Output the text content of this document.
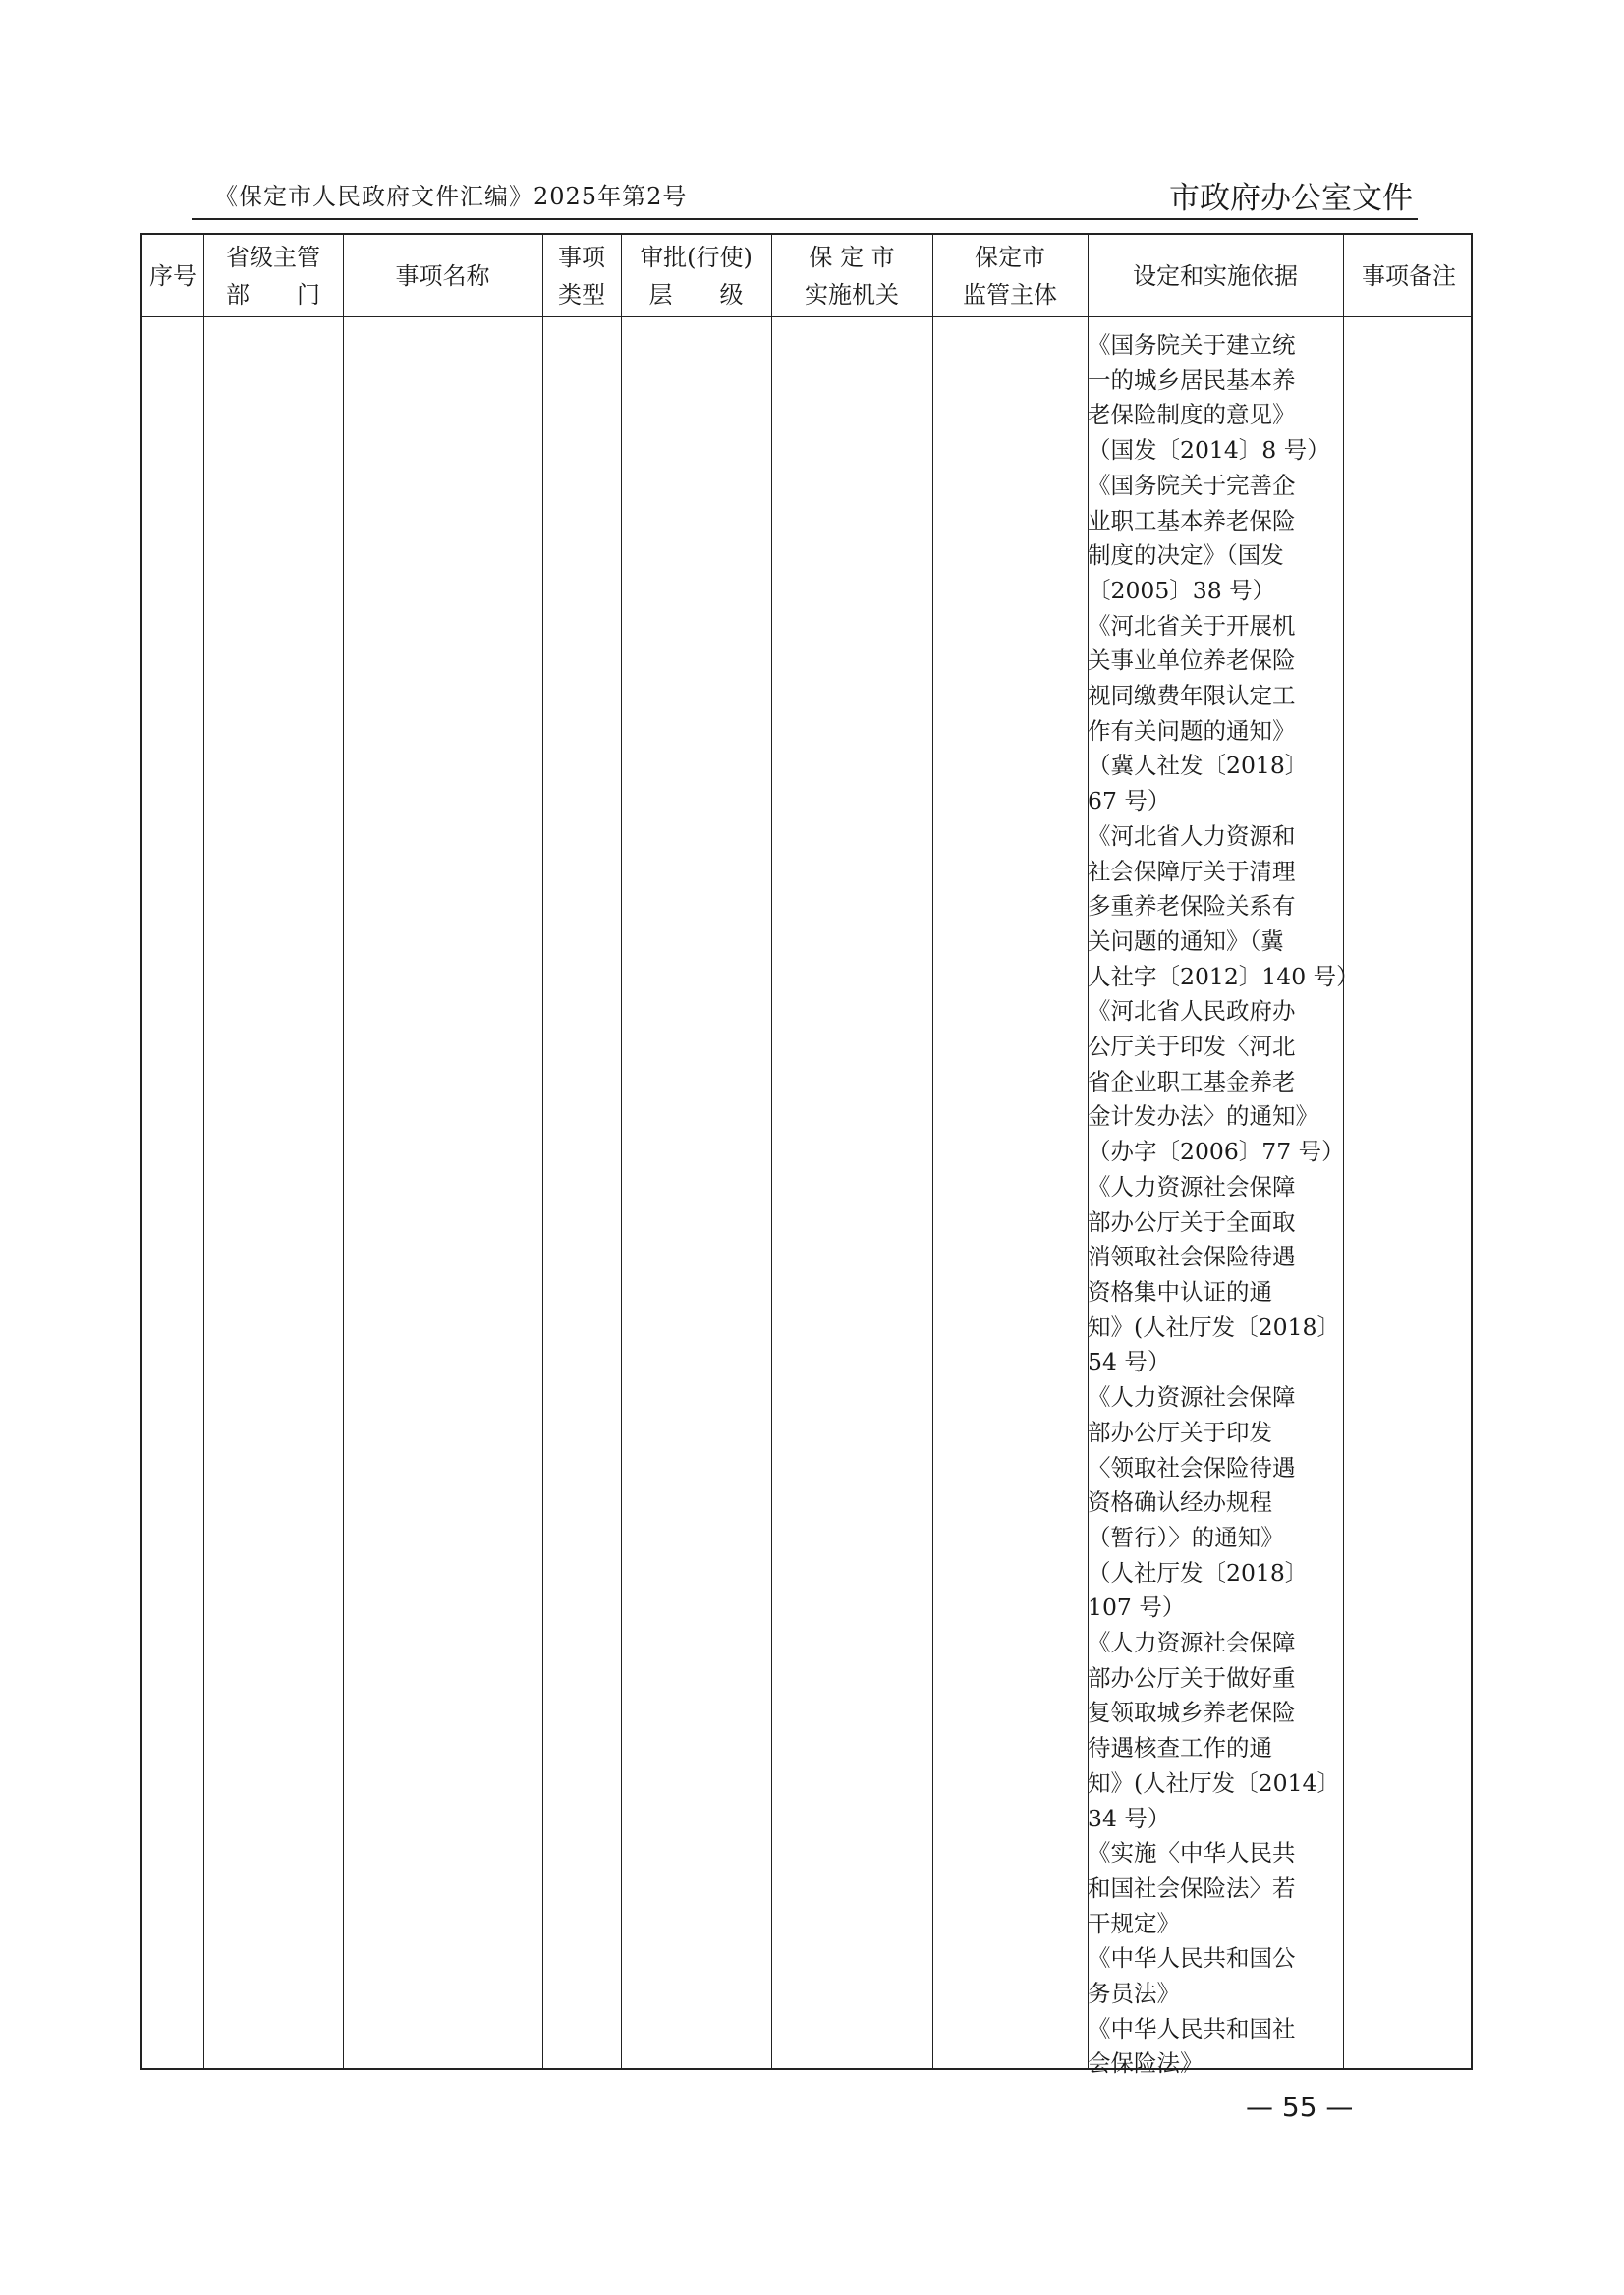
《保定市人民政府文件汇编》2025年第2号	市政府办公室文件
序号
省级主管
部　　门
事项名称
事项
类型
审批(行使)
层　　级
保 定 市
实施机关
保定市
监管主体
设定和实施依据	事项备注
《国务院关于建立统
一的城乡居民基本养
老保险制度的意见》
（国发〔2014〕8 号）
《国务院关于完善企
业职工基本养老保险
制度的决定》（国发
〔2005〕38 号）
《河北省关于开展机
关事业单位养老保险
视同缴费年限认定工
作有关问题的通知》
（冀人社发〔2018〕
67 号）
《河北省人力资源和
社会保障厅关于清理
多重养老保险关系有
关问题的通知》（冀
人社字〔2012〕140 号）
《河北省人民政府办
公厅关于印发〈河北
省企业职工基金养老
金计发办法〉的通知》
（办字〔2006〕77 号）
《人力资源社会保障
部办公厅关于全面取
消领取社会保险待遇
资格集中认证的通
知》(人社厅发〔2018〕
54 号）
《人力资源社会保障
部办公厅关于印发
〈领取社会保险待遇
资格确认经办规程
（暂行）〉的通知》
（人社厅发〔2018〕
107 号）
《人力资源社会保障
部办公厅关于做好重
复领取城乡养老保险
待遇核查工作的通
知》(人社厅发〔2014〕
34 号）
《实施〈中华人民共
和国社会保险法〉若
干规定》
《中华人民共和国公
务员法》
《中华人民共和国社
会保险法》
— 55 —
